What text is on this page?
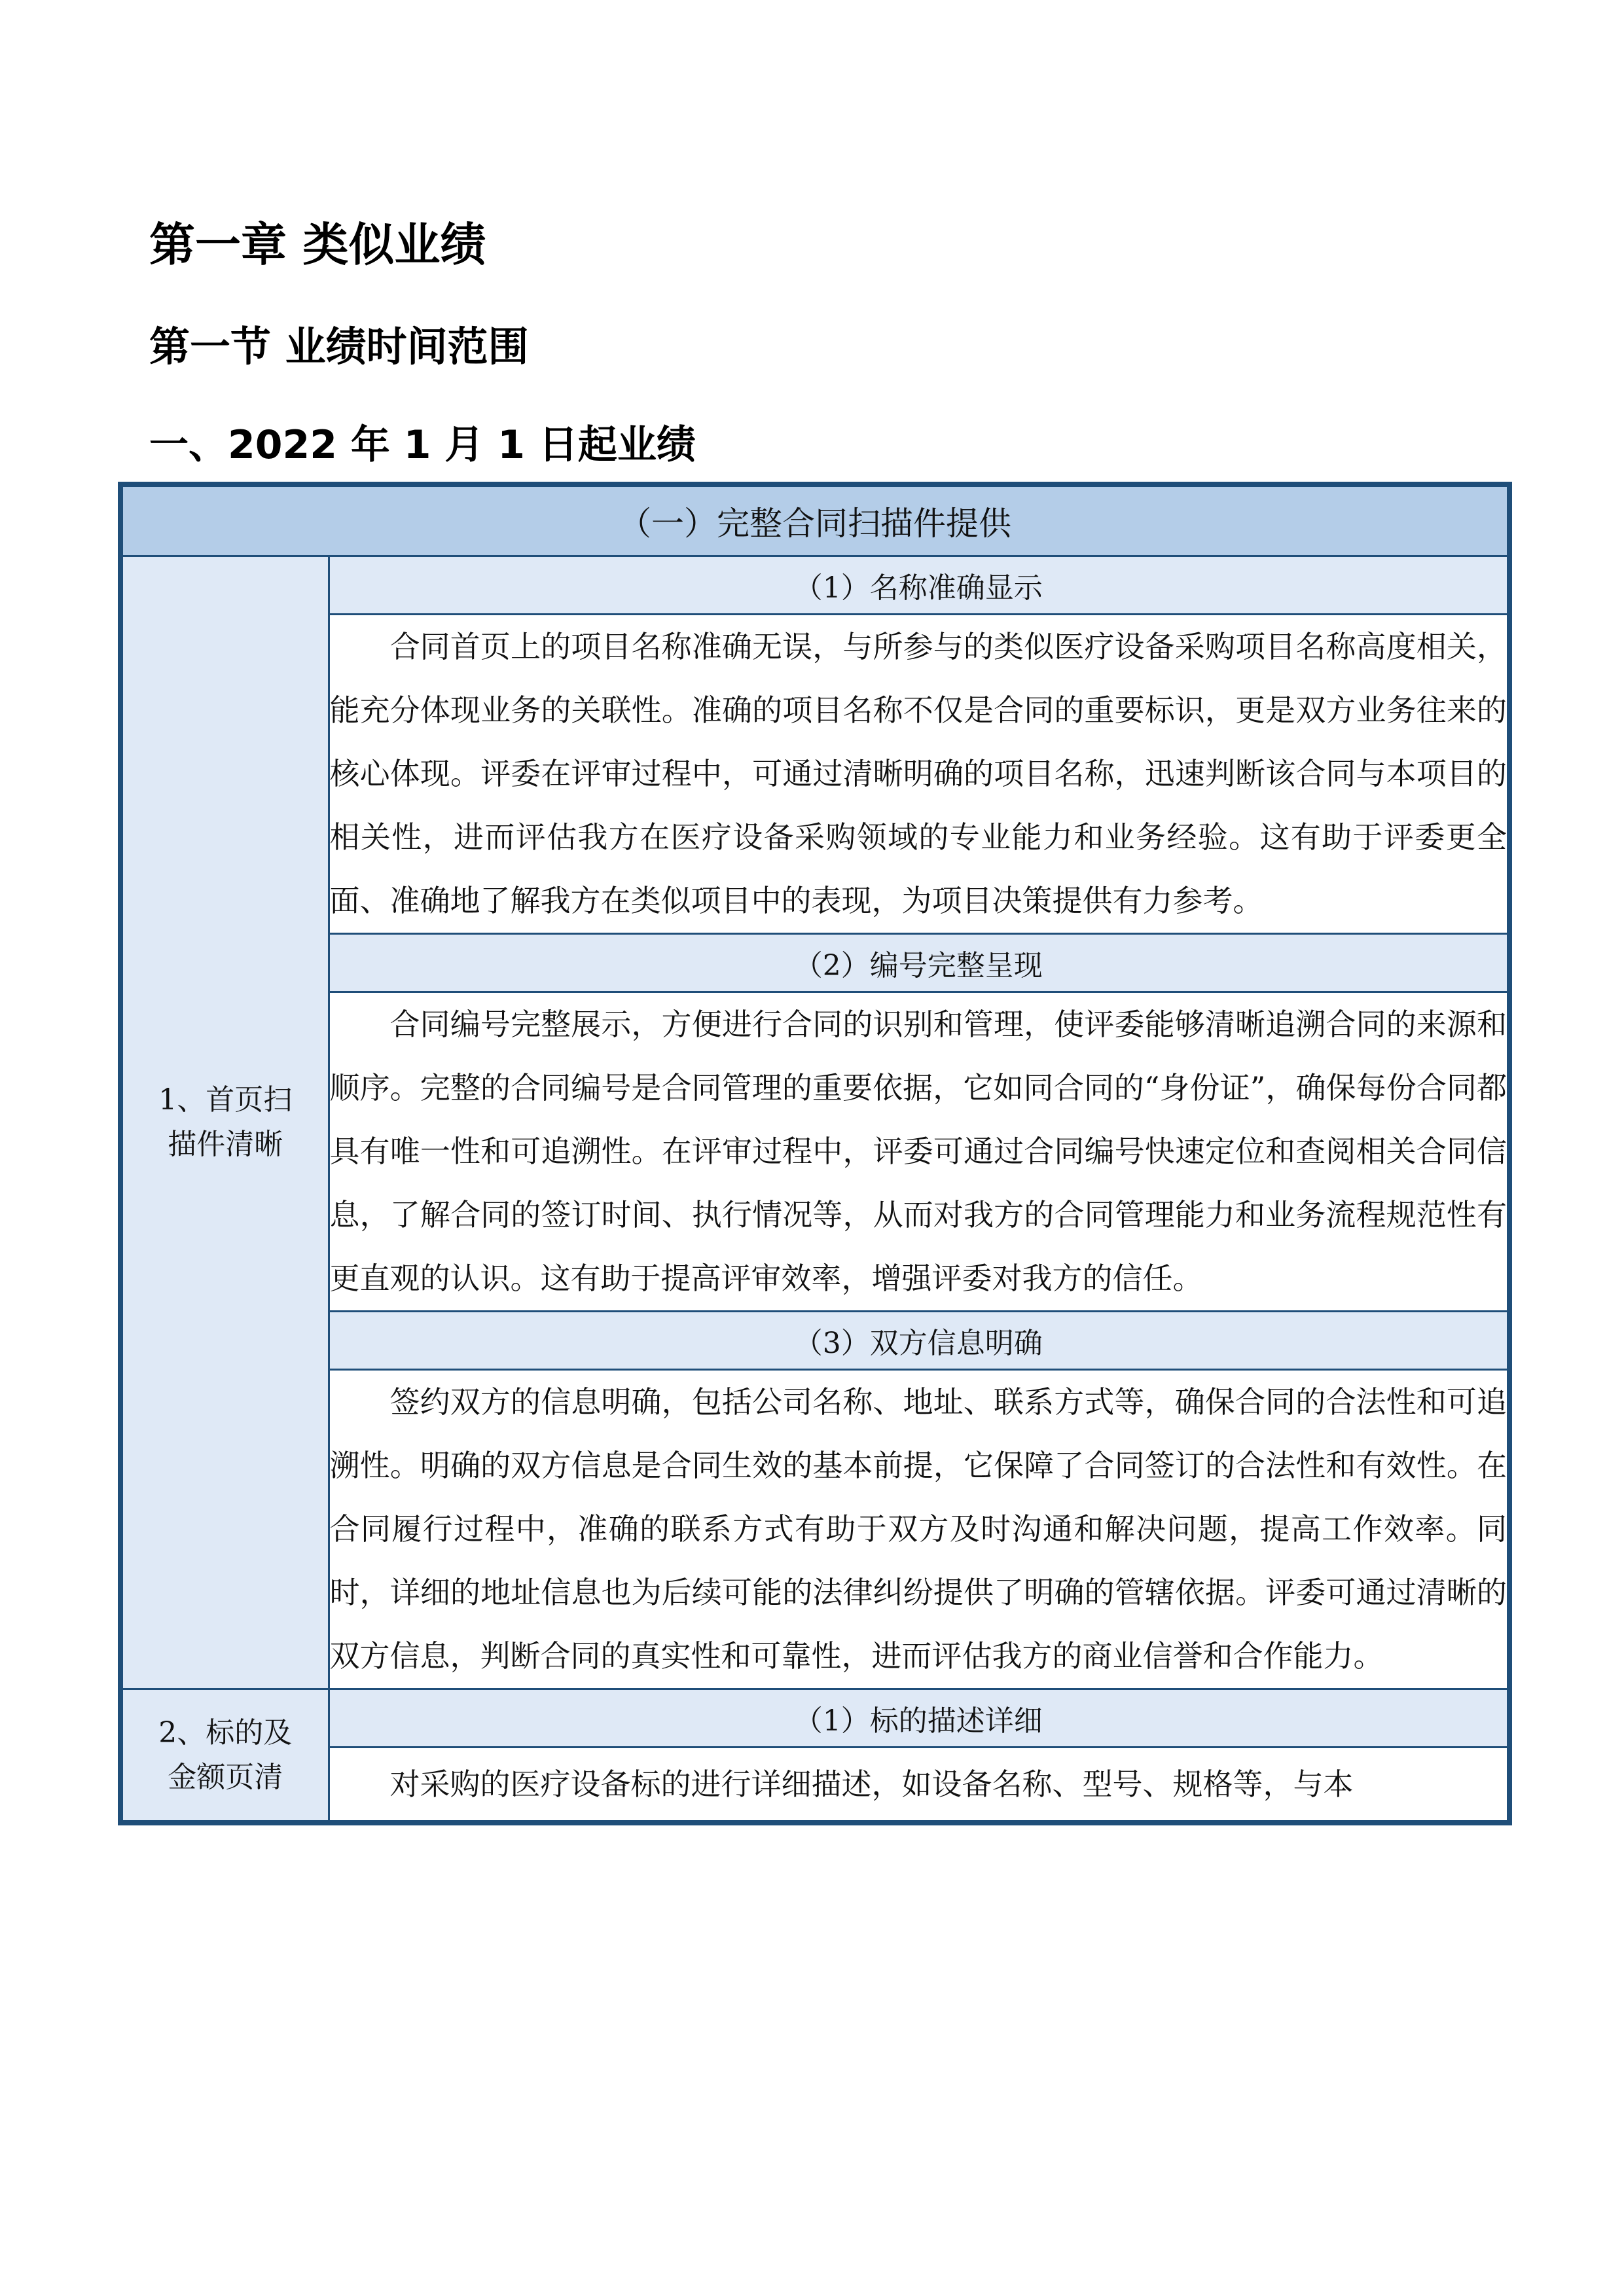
第一章 类似业绩
第一节 业绩时间范围
一、2022 年 1 月 1 日起业绩
（一）完整合同扫描件提供	
1、首页扫描件清晰	（1）名称准确显示
	合同首页上的项目名称准确无误，与所参与的类似医疗设备采购项目名称高度相关，能充分体现业务的关联性。准确的项目名称不仅是合同的重要标识，更是双方业务往来的核心体现。评委在评审过程中，可通过清晰明确的项目名称，迅速判断该合同与本项目的相关性，进而评估我方在医疗设备采购领域的专业能力和业务经验。这有助于评委更全面、准确地了解我方在类似项目中的表现，为项目决策提供有力参考。
	（2）编号完整呈现
	合同编号完整展示，方便进行合同的识别和管理，使评委能够清晰追溯合同的来源和顺序。完整的合同编号是合同管理的重要依据，它如同合同的“身份证”，确保每份合同都具有唯一性和可追溯性。在评审过程中，评委可通过合同编号快速定位和查阅相关合同信息，了解合同的签订时间、执行情况等，从而对我方的合同管理能力和业务流程规范性有更直观的认识。这有助于提高评审效率，增强评委对我方的信任。
	（3）双方信息明确
	签约双方的信息明确，包括公司名称、地址、联系方式等，确保合同的合法性和可追溯性。明确的双方信息是合同生效的基本前提，它保障了合同签订的合法性和有效性。在合同履行过程中，准确的联系方式有助于双方及时沟通和解决问题，提高工作效率。同时，详细的地址信息也为后续可能的法律纠纷提供了明确的管辖依据。评委可通过清晰的双方信息，判断合同的真实性和可靠性，进而评估我方的商业信誉和合作能力。
2、标的及金额页清	（1）标的描述详细
	对采购的医疗设备标的进行详细描述，如设备名称、型号、规格等，与本
